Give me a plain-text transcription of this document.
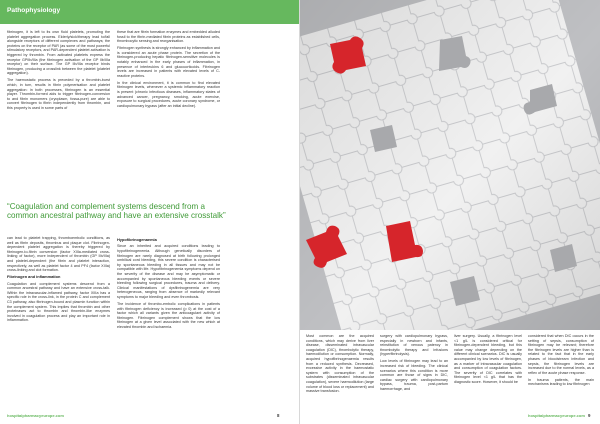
Pathophysiology

fibrinogen, it is left to its own fluid platelets, promoting the platelet aggregation process. Elderly/sick/therapy lead to/fall alongside receptors of different complexes and pathways; the proteins on the receptor of PAR (as some of the most powerful stimulatory receptors, and PAR-dependent platelet activation is triggered by thrombin. From activated platelets express the receptor GPIIb/IIIa (the fibrinogen activation of the GP IIb/IIIa receptor) on their surface. The GP IIb/IIIa receptor binds fibrinogen, producing a crosslink between the platelet (platelet aggregation).

The haemostatic process is preceded by a thrombin-burst which, in turn, results in fibrin polymerisation and platelet aggregation: in both processes, fibrinogen is an essential player. Thrombin-formed aids to trigger fibrinogen-conversion to and fibrin monomers (cryoplasm, fossa-pure) are able to convert fibrinogen to fibrin independently from thrombin, and this property is used in some parts of

these that are fibrin formation enzymes and embedded alluded fossil to the fibrin-mediated fibrin proteins as established cells, thrombocytic sensing and reorganisation.

Fibrinogen synthesis is strongly enhanced by inflammation and is considered an acute phase protein. The secretion of the fibrinogen-producing hepatic fibrinogen-sensitive molecules is notably enhanced in the early phases of inflammation, in presence of interleukins 6 and glucocorticoids. Fibrinogen levels are increased in patients with elevated levels of C-reactive proteins.

In the clinical environment, it is common to find elevated fibrinogen levels, whenever a systemic inflammatory reaction is present (chronic infectious diseases, inflammatory states of advanced cancer, pregnancy, smoking, acute exercise, exposure to surgical procedures, acute coronary syndrome, or cardiopulmonary bypass (after an initial decline).

“Coagulation and complement systems descend from a common ancestral pathway and have an extensive crosstalk”

can lead to platelet trapping, thromboembolic conditions, as well as fibrin deposits, thrombus and plaque clot. Fibrinogen-dependent platelet aggregation is thereby triggered by fibrinogen-to-fibrin conversion (factor XIIIa-mediated cross-linking of factor), more independent of thrombin (GP IIb/IIIa) and platelet-dependent (the fibrin and platelet interaction, respectively, as well as platelet factor 4 and PF4 (factor XIIIa) cross-linking and clot formation.

Fibrinogen and inflammation

Coagulation and complement systems descend from a common ancestral pathway and have an extensive cross-talk. Within the intravascular-inflamed pathway, factor XIIIa has a specific role in the cross-link, in the protein C and complement C3 pathway, also fibrinogen-bound and plasmin function within the complement system. This implies that thrombin and other proteinases act to thrombin and thrombin-like enzymes involved in coagulation process and play an important role in inflammation.

Hypofibrinogenaemia

Since an inherited and acquired conditions leading to hypofibrinogenemia. Although genetically disorders of fibrinogen are rarely diagnosed at birth following prolonged umbilical cord bleeding, this severe condition is characterised by spontaneous bleeding in all tissues and may not be compatible with life. Hypofibrinogenemia symptoms depend on the severity of the disease and may be asymptomatic or accompanied by spontaneous bleeding events or severe bleeding following surgical procedures, trauma and delivery. Clinical manifestations of dysfibrinogenemia are very heterogeneous, ranging from absence of markedly relevant symptoms to major bleeding and even thrombosis.

The incidence of thrombo-embolic complications in patients with fibrinogen deficiency is increased (p 0) at the cost of a factor which all variants given the anticoagulant activity of fibrinogen. Fibrinogen complement shows that the low fibrinogen at a given level associated with the new which at elevated thrombin and ischaemia.

Most common are the acquired conditions, which may derive from liver disease, disseminated intravascular coagulation (DIC), thrombolytic therapy, haemodilution or consumption. Normally, acquired hypofibrinogenaemia results from a reduced synthesis. Decreased, excessive activity in the haemostatic system with consumption of the substrates (disseminated intravascular coagulation), severe haemodilution (large volume of blood loss or replacement) and massive transfusion.

surgery with cardiopulmonary bypass, especially in newborn and infants, reinstitution of venous patency in thrombolytic therapy and infusions (hyperfibrinolysis).

Low levels of fibrinogen may lead to an increased risk of bleeding. The clinical scenarios where this condition is more common are those of signs in DIC, cardiac surgery with cardiopulmonary bypass, trauma, post-partum haemorrhage, and

liver surgery. Usually, a fibrinogen level <1 g/L is considered critical for fibrinogen-dependent bleeding, but this value may change depending on the different clinical scenarios. DIC is usually accompanied by low levels of fibrinogen, as a marker of intravascular coagulation and consumption of coagulation factors. The severity of DIC correlates with fibrinogen level <1 g/L that has the diagnostic score. However, it should be

considered that when DIC occurs in the setting of sepsis, consumption of fibrinogen may be relevant; therefore the fibrinogen levels are higher than is related to the fact that in the early phases of bloodstream infection and sepsis, the fibrinogen levels are increased due to the normal levels, as a reflex of the acute phase response.

In trauma patients, the main mechanisms leading to low fibrinogen

hospitalpharmacyeurope.com	8	hospitalpharmacyeurope.com 9
